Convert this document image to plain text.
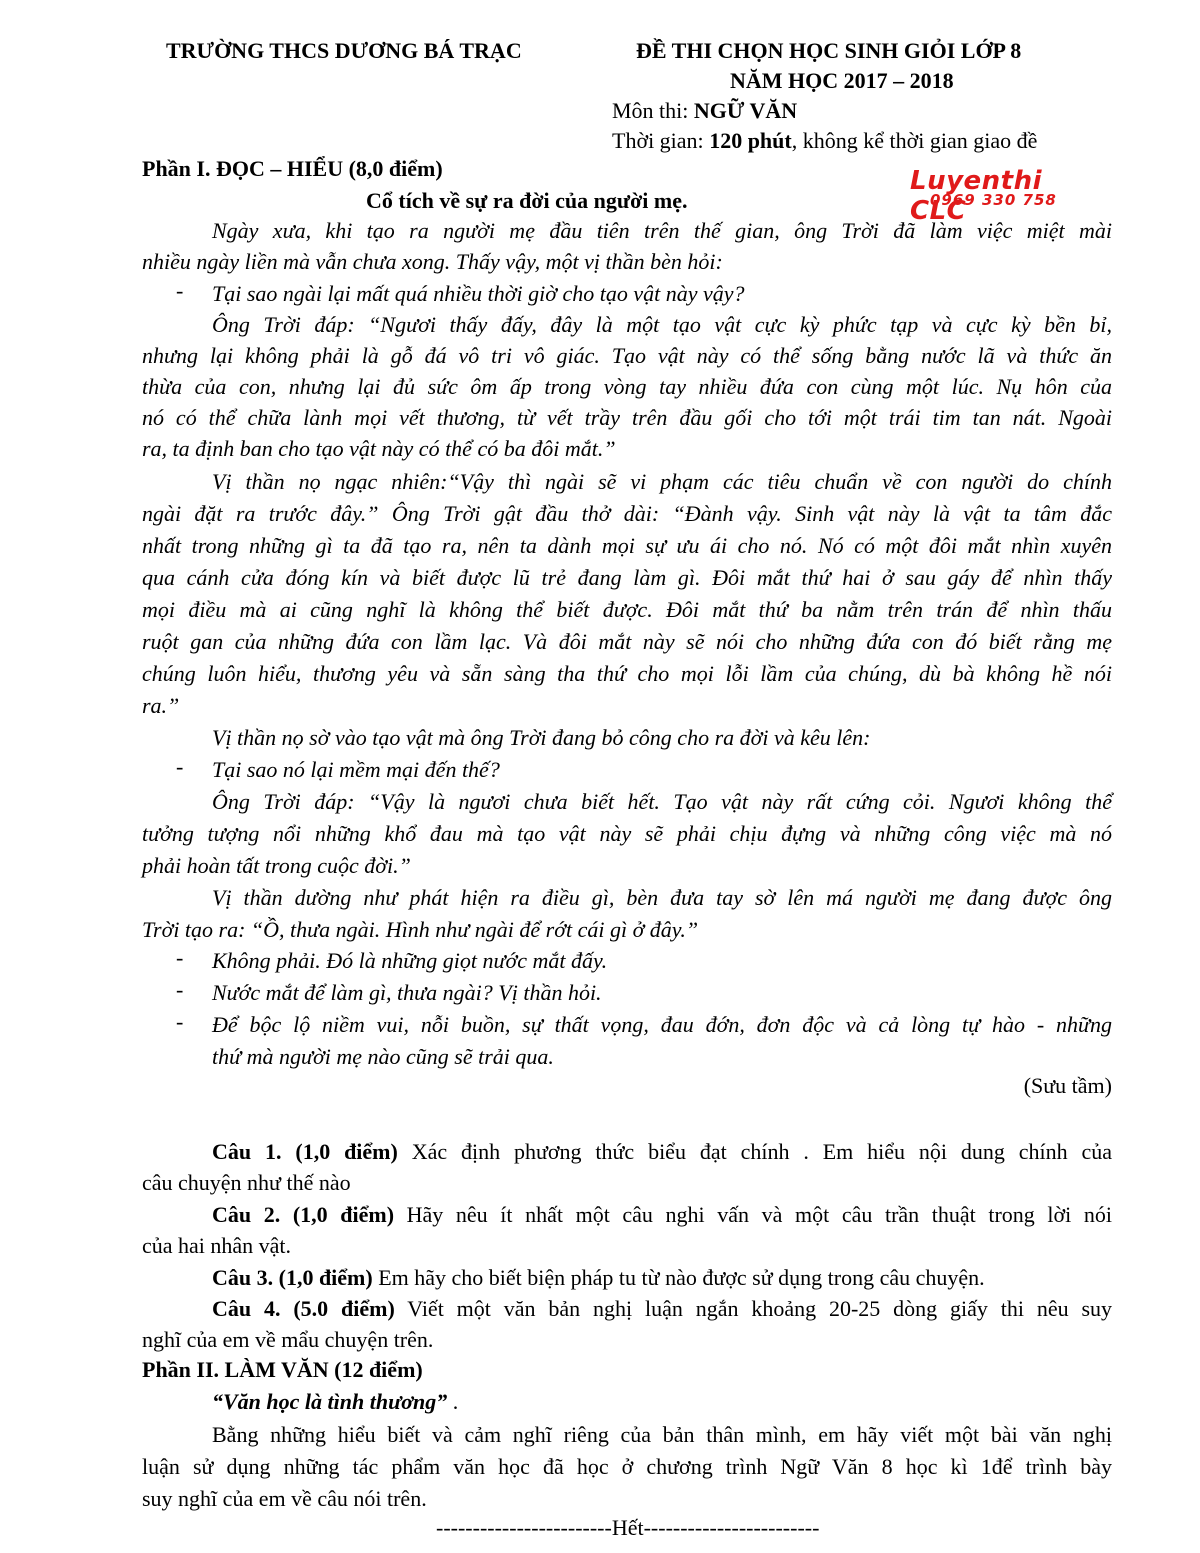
TRƯỜNG THCS DƯƠNG BÁ TRẠC	ĐỀ THI CHỌN HỌC SINH GIỎI LỚP 8
NĂM HỌC 2017 – 2018
Môn thi: NGỮ VĂN
Thời gian: 120 phút, không kể thời gian giao đề
Luyenthi CLC
0969 330 758
Phần I. ĐỌC – HIỂU (8,0 điểm)
Cổ tích về sự ra đời của người mẹ.
Ngày xưa, khi tạo ra người mẹ đầu tiên trên thế gian, ông Trời đã làm việc miệt mài
nhiều ngày liền mà vẫn chưa xong. Thấy vậy, một vị thần bèn hỏi:
- Tại sao ngài lại mất quá nhiều thời giờ cho tạo vật này vậy?
Ông Trời đáp: “Ngươi thấy đấy, đây là một tạo vật cực kỳ phức tạp và cực kỳ bền bỉ,
nhưng lại không phải là gỗ đá vô tri vô giác. Tạo vật này có thể sống bằng nước lã và thức ăn
thừa của con, nhưng lại đủ sức ôm ấp trong vòng tay nhiều đứa con cùng một lúc. Nụ hôn của
nó có thể chữa lành mọi vết thương, từ vết trầy trên đầu gối cho tới một trái tim tan nát. Ngoài
ra, ta định ban cho tạo vật này có thể có ba đôi mắt.”
Vị thần nọ ngạc nhiên:“Vậy thì ngài sẽ vi phạm các tiêu chuẩn về con người do chính
ngài đặt ra trước đây.” Ông Trời gật đầu thở dài: “Đành vậy. Sinh vật này là vật ta tâm đắc
nhất trong những gì ta đã tạo ra, nên ta dành mọi sự ưu ái cho nó. Nó có một đôi mắt nhìn xuyên
qua cánh cửa đóng kín và biết được lũ trẻ đang làm gì. Đôi mắt thứ hai ở sau gáy để nhìn thấy
mọi điều mà ai cũng nghĩ là không thể biết được. Đôi mắt thứ ba nằm trên trán để nhìn thấu
ruột gan của những đứa con lầm lạc. Và đôi mắt này sẽ nói cho những đứa con đó biết rằng mẹ
chúng luôn hiểu, thương yêu và sẵn sàng tha thứ cho mọi lỗi lầm của chúng, dù bà không hề nói
ra.”
Vị thần nọ sờ vào tạo vật mà ông Trời đang bỏ công cho ra đời và kêu lên:
- Tại sao nó lại mềm mại đến thế?
Ông Trời đáp: “Vậy là ngươi chưa biết hết. Tạo vật này rất cứng cỏi. Ngươi không thể
tưởng tượng nổi những khổ đau mà tạo vật này sẽ phải chịu đựng và những công việc mà nó
phải hoàn tất trong cuộc đời.”
Vị thần dường như phát hiện ra điều gì, bèn đưa tay sờ lên má người mẹ đang được ông
Trời tạo ra: “Ồ, thưa ngài. Hình như ngài để rớt cái gì ở đây.”
- Không phải. Đó là những giọt nước mắt đấy.
- Nước mắt để làm gì, thưa ngài? Vị thần hỏi.
- Để bộc lộ niềm vui, nỗi buồn, sự thất vọng, đau đớn, đơn độc và cả lòng tự hào - những
thứ mà người mẹ nào cũng sẽ trải qua.
(Sưu tầm)
Câu 1. (1,0 điểm) Xác định phương thức biểu đạt chính . Em hiểu nội dung chính của
câu chuyện như thế nào
Câu 2. (1,0 điểm) Hãy nêu ít nhất một câu nghi vấn và một câu trần thuật trong lời nói
của hai nhân vật.
Câu 3. (1,0 điểm) Em hãy cho biết biện pháp tu từ nào được sử dụng trong câu chuyện.
Câu 4. (5.0 điểm) Viết một văn bản nghị luận ngắn khoảng 20-25 dòng giấy thi nêu suy
nghĩ của em về mẩu chuyện trên.
Phần II. LÀM VĂN (12 điểm)
“Văn học là tình thương” .
Bằng những hiểu biết và cảm nghĩ riêng của bản thân mình, em hãy viết một bài văn nghị
luận sử dụng những tác phẩm văn học đã học ở chương trình Ngữ Văn 8 học kì 1để trình bày
suy nghĩ của em về câu nói trên.
------------------------Hết------------------------
